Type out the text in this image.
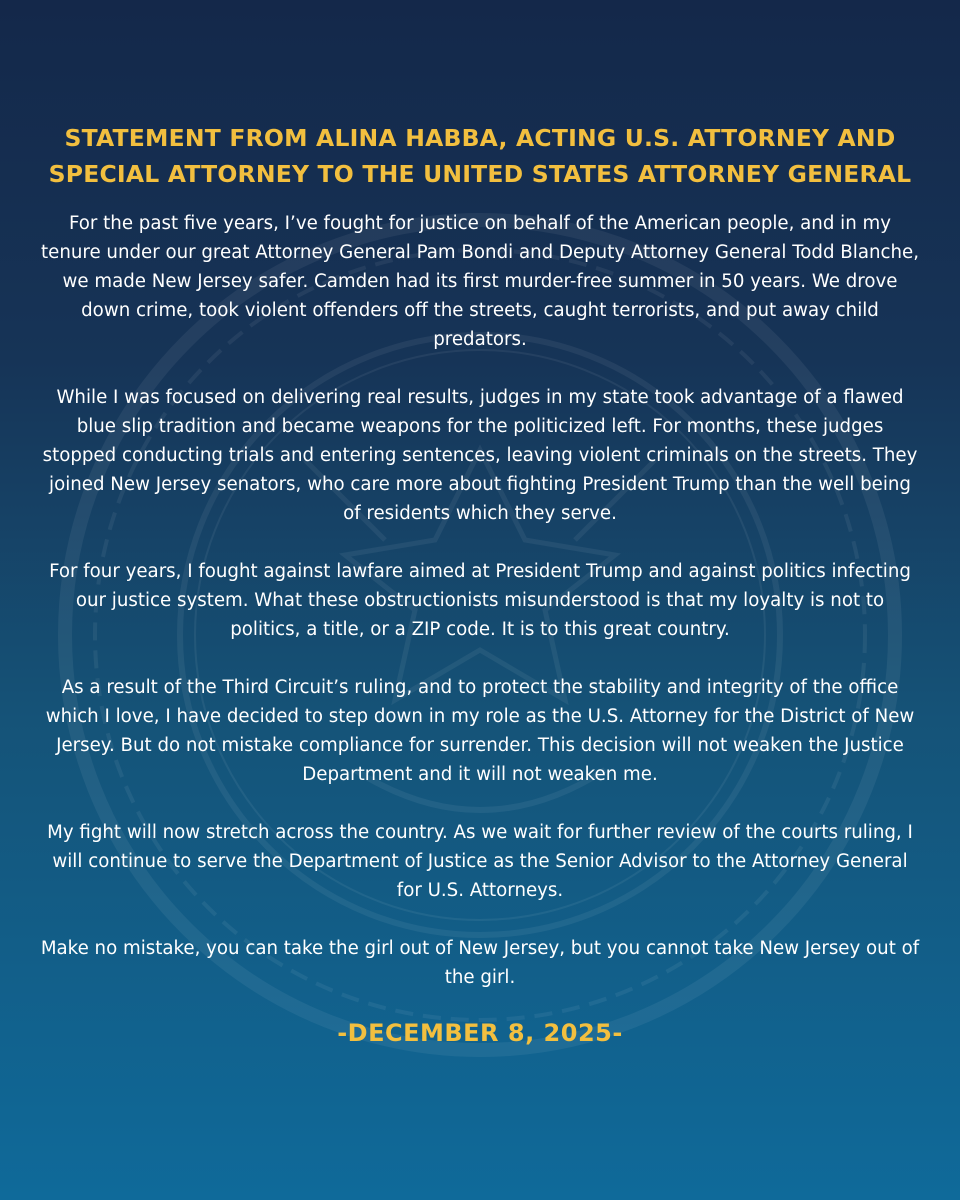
STATEMENT FROM ALINA HABBA, ACTING U.S. ATTORNEY AND
SPECIAL ATTORNEY TO THE UNITED STATES ATTORNEY GENERAL

For the past five years, I’ve fought for justice on behalf of the American people, and in my tenure under our great Attorney General Pam Bondi and Deputy Attorney General Todd Blanche, we made New Jersey safer. Camden had its first murder-free summer in 50 years. We drove down crime, took violent offenders off the streets, caught terrorists, and put away child predators.

While I was focused on delivering real results, judges in my state took advantage of a flawed blue slip tradition and became weapons for the politicized left. For months, these judges stopped conducting trials and entering sentences, leaving violent criminals on the streets. They joined New Jersey senators, who care more about fighting President Trump than the well being of residents which they serve.

For four years, I fought against lawfare aimed at President Trump and against politics infecting our justice system. What these obstructionists misunderstood is that my loyalty is not to politics, a title, or a ZIP code. It is to this great country.

As a result of the Third Circuit’s ruling, and to protect the stability and integrity of the office which I love, I have decided to step down in my role as the U.S. Attorney for the District of New Jersey. But do not mistake compliance for surrender. This decision will not weaken the Justice Department and it will not weaken me.

My fight will now stretch across the country. As we wait for further review of the courts ruling, I will continue to serve the Department of Justice as the Senior Advisor to the Attorney General for U.S. Attorneys.

Make no mistake, you can take the girl out of New Jersey, but you cannot take New Jersey out of the girl.

-DECEMBER 8, 2025-
